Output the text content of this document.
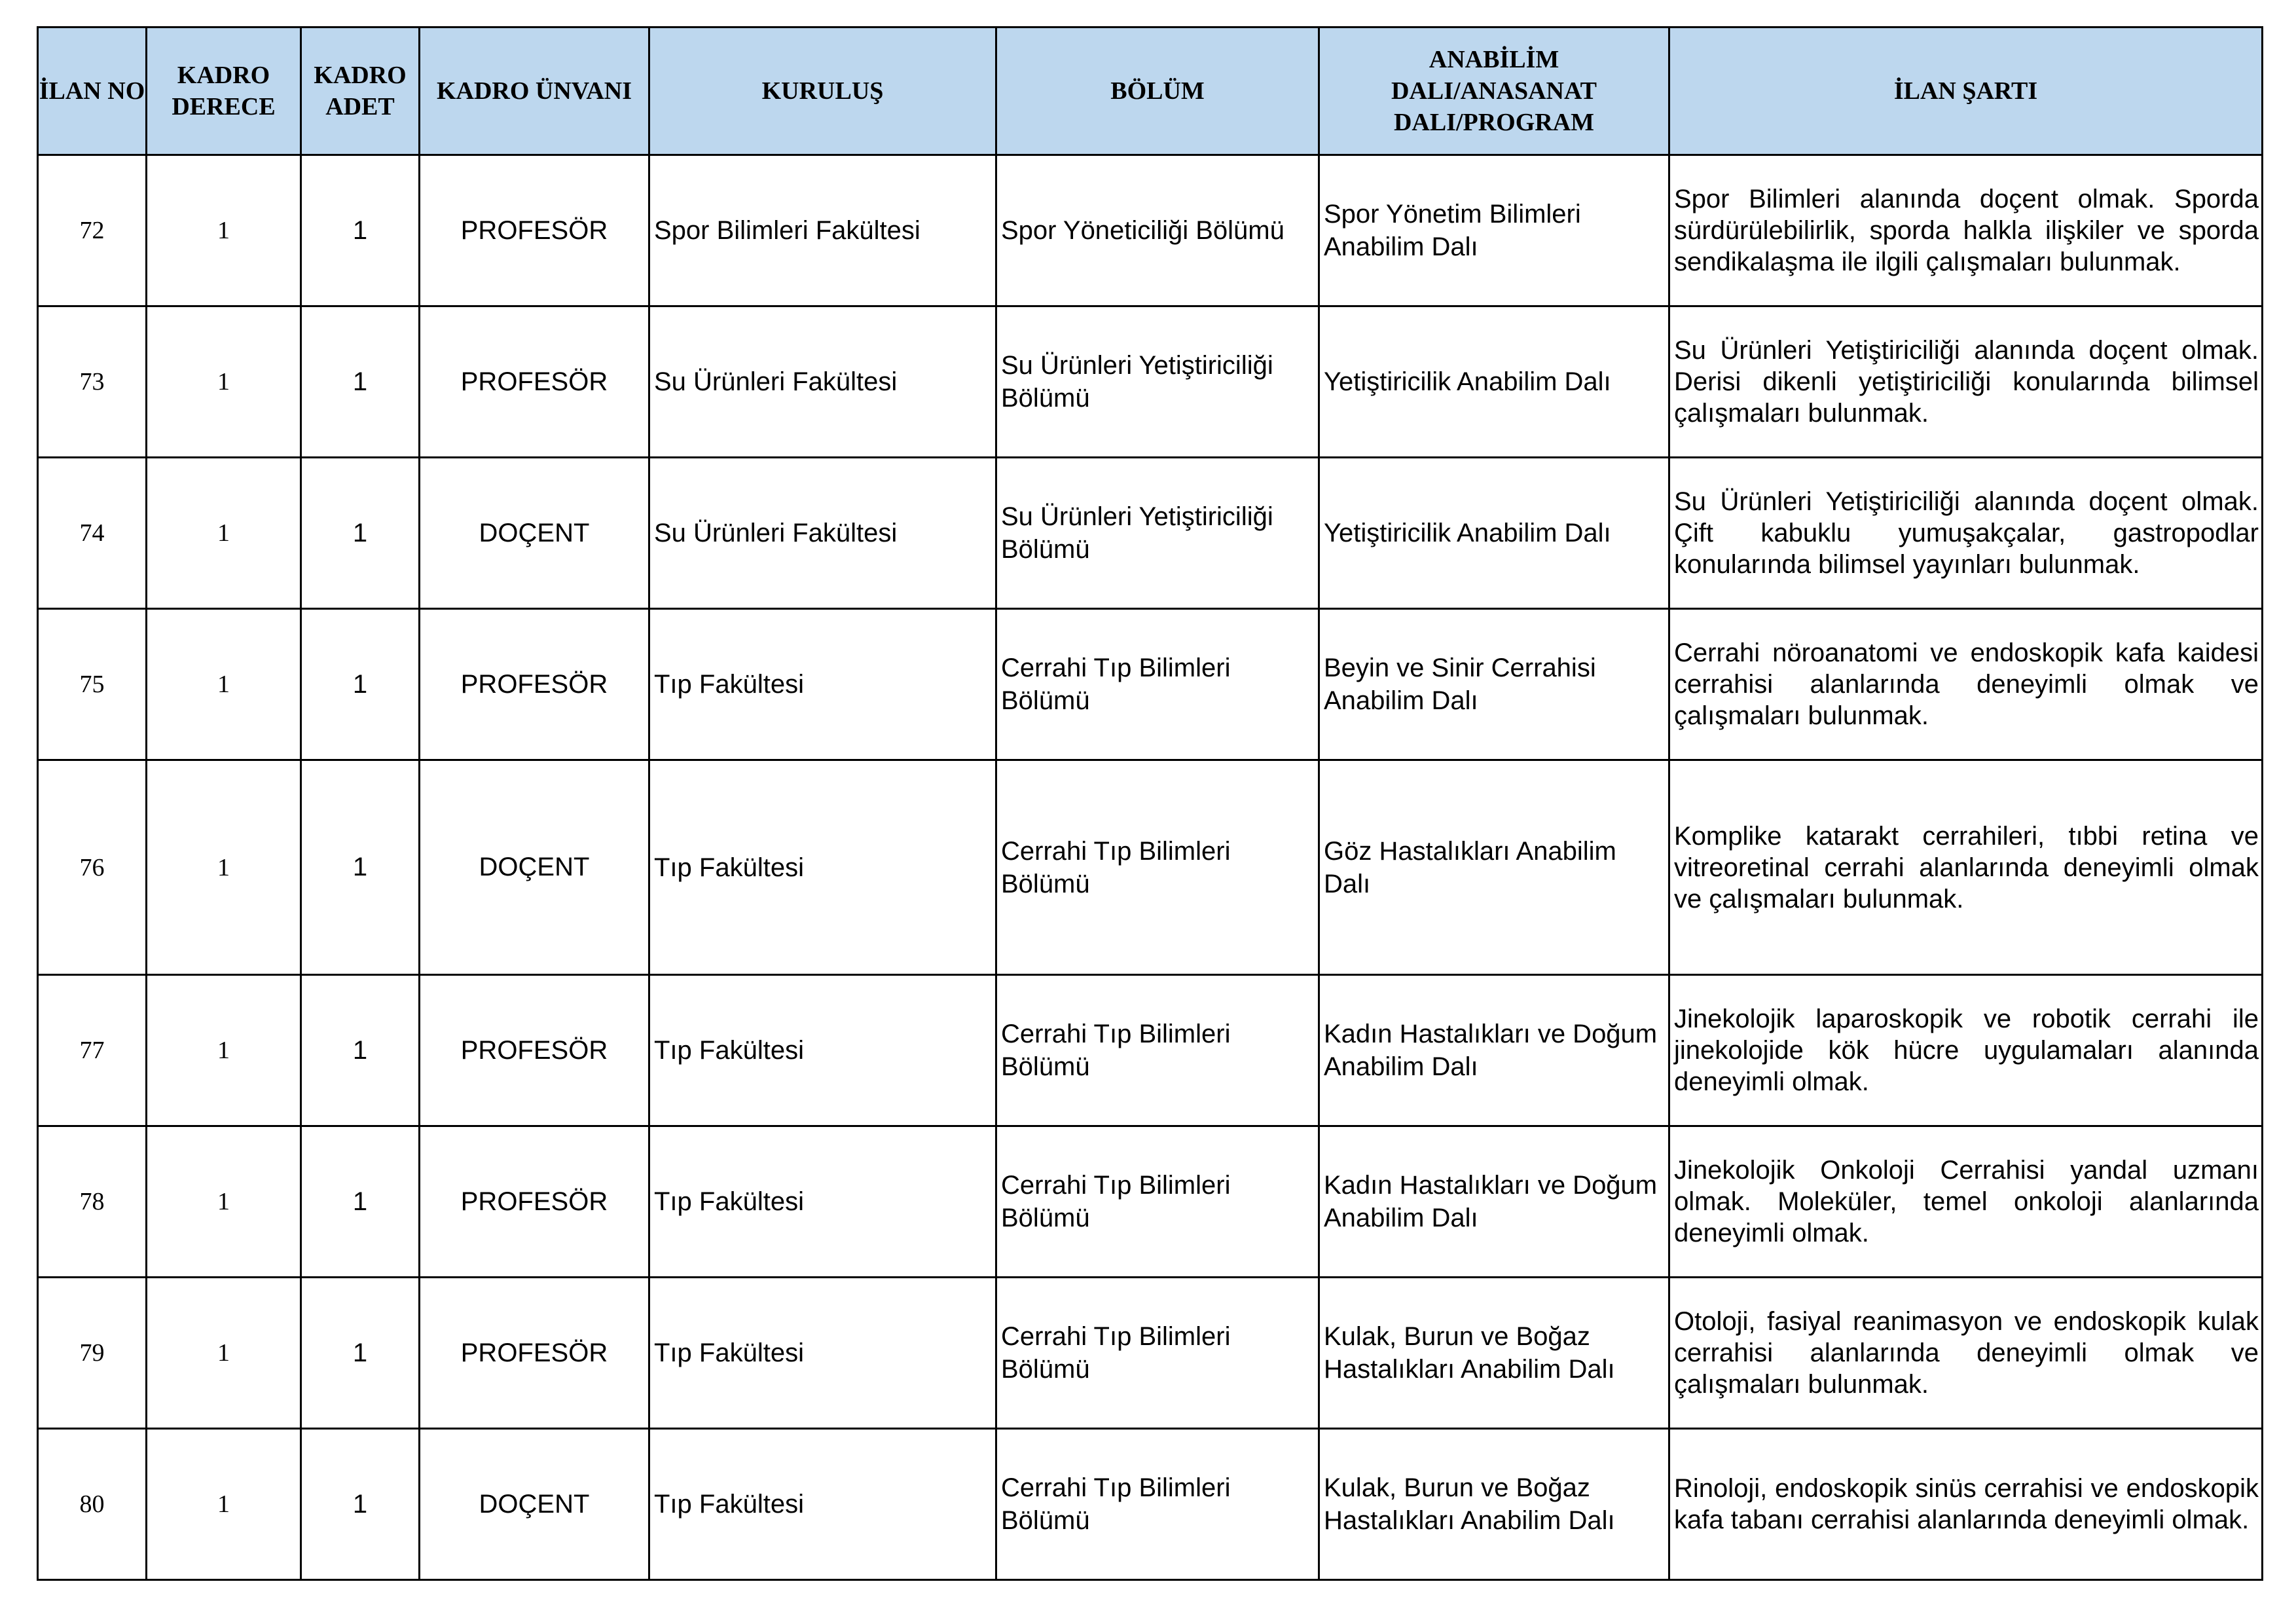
İLAN NO	KADRO DERECE	KADRO ADET	KADRO ÜNVANI	KURULUŞ	BÖLÜM	ANABİLİM DALI/ANASANAT DALI/PROGRAM	İLAN ŞARTI
72	1	1	PROFESÖR	Spor Bilimleri Fakültesi	Spor Yöneticiliği Bölümü	Spor Yönetim Bilimleri Anabilim Dalı	Spor Bilimleri alanında doçent olmak. Sporda sürdürülebilirlik, sporda halkla ilişkiler ve sporda sendikalaşma ile ilgili çalışmaları bulunmak.
73	1	1	PROFESÖR	Su Ürünleri Fakültesi	Su Ürünleri Yetiştiriciliği Bölümü	Yetiştiricilik Anabilim Dalı	Su Ürünleri Yetiştiriciliği alanında doçent olmak. Derisi dikenli yetiştiriciliği konularında bilimsel çalışmaları bulunmak.
74	1	1	DOÇENT	Su Ürünleri Fakültesi	Su Ürünleri Yetiştiriciliği Bölümü	Yetiştiricilik Anabilim Dalı	Su Ürünleri Yetiştiriciliği alanında doçent olmak. Çift kabuklu yumuşakçalar, gastropodlar konularında bilimsel yayınları bulunmak.
75	1	1	PROFESÖR	Tıp Fakültesi	Cerrahi Tıp Bilimleri Bölümü	Beyin ve Sinir Cerrahisi Anabilim Dalı	Cerrahi nöroanatomi ve endoskopik kafa kaidesi cerrahisi alanlarında deneyimli olmak ve çalışmaları bulunmak.
76	1	1	DOÇENT	Tıp Fakültesi	Cerrahi Tıp Bilimleri Bölümü	Göz Hastalıkları Anabilim Dalı	Komplike katarakt cerrahileri, tıbbi retina ve vitreoretinal cerrahi alanlarında deneyimli olmak ve çalışmaları bulunmak.
77	1	1	PROFESÖR	Tıp Fakültesi	Cerrahi Tıp Bilimleri Bölümü	Kadın Hastalıkları ve Doğum Anabilim Dalı	Jinekolojik laparoskopik ve robotik cerrahi ile jinekolojide kök hücre uygulamaları alanında deneyimli olmak.
78	1	1	PROFESÖR	Tıp Fakültesi	Cerrahi Tıp Bilimleri Bölümü	Kadın Hastalıkları ve Doğum Anabilim Dalı	Jinekolojik Onkoloji Cerrahisi yandal uzmanı olmak. Moleküler, temel onkoloji alanlarında deneyimli olmak.
79	1	1	PROFESÖR	Tıp Fakültesi	Cerrahi Tıp Bilimleri Bölümü	Kulak, Burun ve Boğaz Hastalıkları Anabilim Dalı	Otoloji, fasiyal reanimasyon ve endoskopik kulak cerrahisi alanlarında deneyimli olmak ve çalışmaları bulunmak.
80	1	1	DOÇENT	Tıp Fakültesi	Cerrahi Tıp Bilimleri Bölümü	Kulak, Burun ve Boğaz Hastalıkları Anabilim Dalı	Rinoloji, endoskopik sinüs cerrahisi ve endoskopik kafa tabanı cerrahisi alanlarında deneyimli olmak.
